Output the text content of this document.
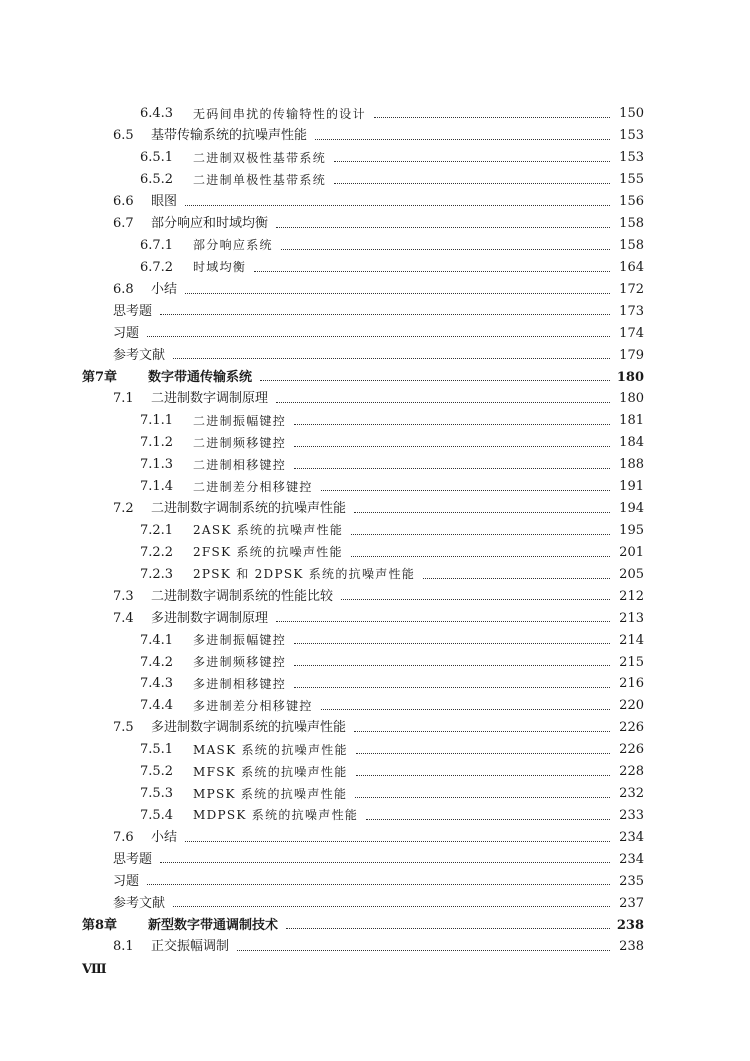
6.4.3 无码间串扰的传输特性的设计	150
6.5 基带传输系统的抗噪声性能	153
6.5.1 二进制双极性基带系统	153
6.5.2 二进制单极性基带系统	155
6.6 眼图	156
6.7 部分响应和时域均衡	158
6.7.1 部分响应系统	158
6.7.2 时域均衡	164
6.8 小结	172
思考题	173
习题	174
参考文献	179
第7章 数字带通传输系统	180
7.1 二进制数字调制原理	180
7.1.1 二进制振幅键控	181
7.1.2 二进制频移键控	184
7.1.3 二进制相移键控	188
7.1.4 二进制差分相移键控	191
7.2 二进制数字调制系统的抗噪声性能	194
7.2.1 2ASK 系统的抗噪声性能	195
7.2.2 2FSK 系统的抗噪声性能	201
7.2.3 2PSK 和 2DPSK 系统的抗噪声性能	205
7.3 二进制数字调制系统的性能比较	212
7.4 多进制数字调制原理	213
7.4.1 多进制振幅键控	214
7.4.2 多进制频移键控	215
7.4.3 多进制相移键控	216
7.4.4 多进制差分相移键控	220
7.5 多进制数字调制系统的抗噪声性能	226
7.5.1 MASK 系统的抗噪声性能	226
7.5.2 MFSK 系统的抗噪声性能	228
7.5.3 MPSK 系统的抗噪声性能	232
7.5.4 MDPSK 系统的抗噪声性能	233
7.6 小结	234
思考题	234
习题	235
参考文献	237
第8章 新型数字带通调制技术	238
8.1 正交振幅调制	238
Ⅷ
